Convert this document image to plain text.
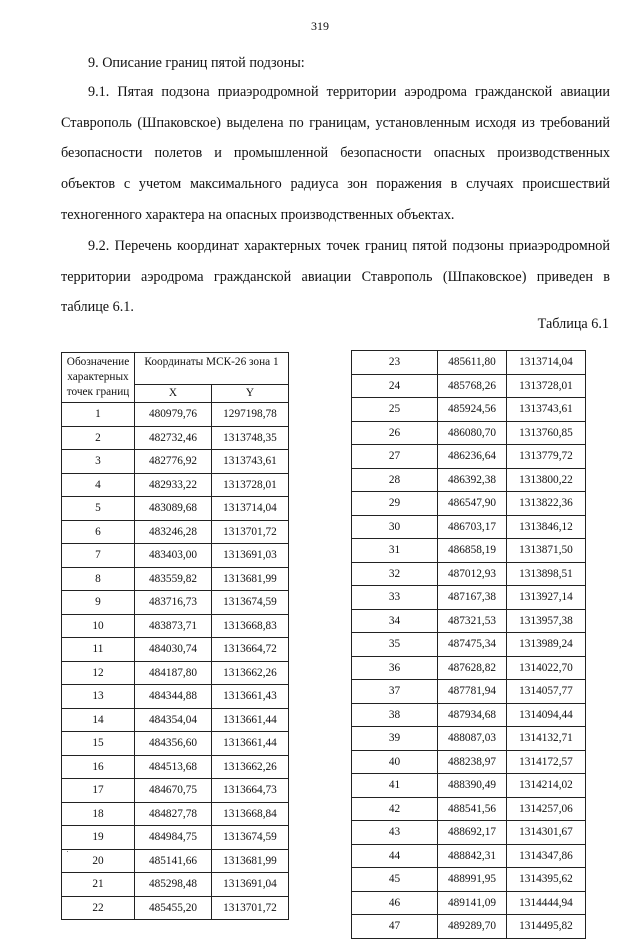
319
9. Описание границ пятой подзоны:
9.1. Пятая подзона приаэродромной территории аэродрома гражданской авиации Ставрополь (Шпаковское) выделена по границам, установленным исходя из требований безопасности полетов и промышленной безопасности опасных производственных объектов с учетом максимального радиуса зон поражения в случаях происшествий техногенного характера на опасных производственных объектах.
9.2. Перечень координат характерных точек границ пятой подзоны приаэродромной территории аэродрома гражданской авиации Ставрополь (Шпаковское) приведен в таблице 6.1.
Таблица 6.1
Обозначение характерных точек границ	Координаты МСК-26 зона 1	
	X	Y
1	480979,76	1297198,78
2	482732,46	1313748,35
3	482776,92	1313743,61
4	482933,22	1313728,01
5	483089,68	1313714,04
6	483246,28	1313701,72
7	483403,00	1313691,03
8	483559,82	1313681,99
9	483716,73	1313674,59
10	483873,71	1313668,83
11	484030,74	1313664,72
12	484187,80	1313662,26
13	484344,88	1313661,43
14	484354,04	1313661,44
15	484356,60	1313661,44
16	484513,68	1313662,26
17	484670,75	1313664,73
18	484827,78	1313668,84
19	484984,75	1313674,59
20	485141,66	1313681,99
21	485298,48	1313691,04
22	485455,20	1313701,72
23	485611,80	1313714,04
24	485768,26	1313728,01
25	485924,56	1313743,61
26	486080,70	1313760,85
27	486236,64	1313779,72
28	486392,38	1313800,22
29	486547,90	1313822,36
30	486703,17	1313846,12
31	486858,19	1313871,50
32	487012,93	1313898,51
33	487167,38	1313927,14
34	487321,53	1313957,38
35	487475,34	1313989,24
36	487628,82	1314022,70
37	487781,94	1314057,77
38	487934,68	1314094,44
39	488087,03	1314132,71
40	488238,97	1314172,57
41	488390,49	1314214,02
42	488541,56	1314257,06
43	488692,17	1314301,67
44	488842,31	1314347,86
45	488991,95	1314395,62
46	489141,09	1314444,94
47	489289,70	1314495,82
